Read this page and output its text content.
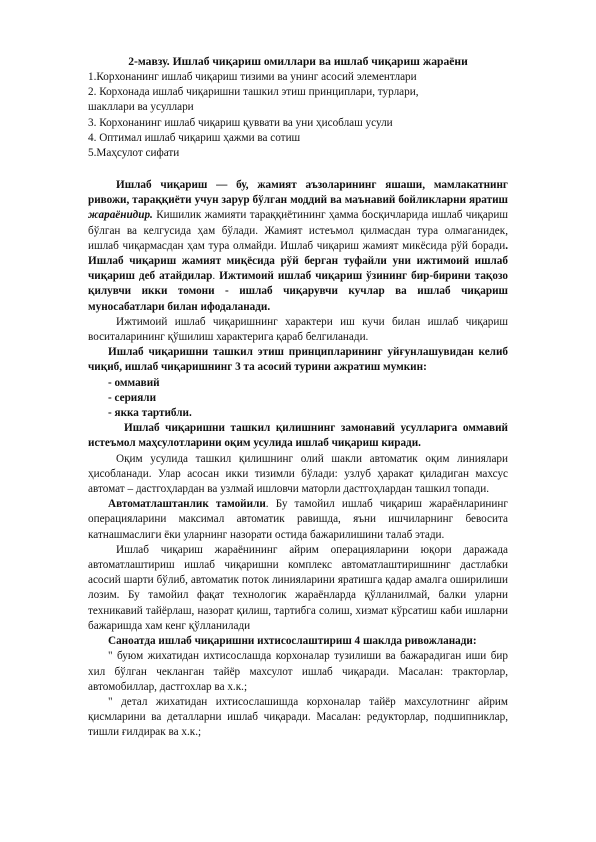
2-мавзу. Ишлаб чиқариш омиллари ва ишлаб чиқариш жараёни
1.Корхонанинг ишлаб чиқариш тизими ва унинг асосий элементлари
2. Корхонада ишлаб чиқаришни ташкил этиш принциплари, турлари,
шакллари ва усуллари
3. Корхонанинг ишлаб чиқариш қуввати ва уни ҳисоблаш усули
4. Оптимал ишлаб чиқариш ҳажми ва сотиш
5.Маҳсулот сифати

Ишлаб чиқариш — бу, жамият аъзоларининг яшаши, мамлакатнинг ривожи, тараққиёти учун зарур бўлган моддий ва маънавий бойликларни яратиш жараёнидир. Кишилик жамияти тараққиётининг ҳамма босқичларида ишлаб чиқариш бўлган ва келгусида ҳам бўлади. Жамият истеъмол қилмасдан тура олмаганидек, ишлаб чиқармасдан ҳам тура олмайди. Ишлаб чиқариш жамият микёсида рўй боради. Ишлаб чиқариш жамият миқёсида рўй берган туфайли уни ижтимоий ишлаб чиқариш деб атайдилар. Ижтимоий ишлаб чиқариш ўзининг бир-бирини тақозо қилувчи икки томони - ишлаб чиқарувчи кучлар ва ишлаб чиқариш муносабатлари билан ифодаланади.

Ижтимоий ишлаб чиқаришнинг характери иш кучи билан ишлаб чиқариш воситаларининг қўшилиш характерига қараб белгиланади.

Ишлаб чиқаришни ташкил этиш принципларининг уйғунлашувидан келиб чиқиб, ишлаб чиқаришнинг 3 та асосий турини ажратиш мумкин:

- оммавий
- серияли
- якка тартибли.

Ишлаб чиқаришни ташкил қилишнинг замонавий усулларига оммавий истеъмол маҳсулотларини оқим усулида ишлаб чиқариш киради.

Оқим усулида ташкил қилишнинг олий шакли автоматик оқим линиялари ҳисобланади. Улар асосан икки тизимли бўлади: узлуб ҳаракат қиладиган махсус автомат – дастгоҳлардан ва узлмай ишловчи маторли дастгоҳлардан ташкил топади.

Автоматлаштанлик тамойили. Бу тамойил ишлаб чиқариш жараёнларининг операцияларини максимал автоматик равишда, яъни ишчиларнинг бевосита катнашмаслиги ёки уларнинг назорати остида бажарилишини талаб этади.

Ишлаб чиқариш жараёнининг айрим операцияларини юқори даражада автоматлаштириш ишлаб чиқаришни комплекс автоматлаштиришнинг дастлабки асосий шарти бўлиб, автоматик поток линияларини яратишга қадар амалга оширилиши лозим. Бу тамойил фақат технологик жараёнларда қўлланилмай, балки уларни техникавий тайёрлаш, назорат қилиш, тартибга солиш, хизмат кўрсатиш каби ишларни бажаришда хам кенг қўлланилади

Саноатда ишлаб чиқаришни ихтисослаштириш 4 шаклда ривожланади:

" буюм жихатидан ихтисослашда корхоналар тузилиши ва бажарадиган иши бир хил бўлган чекланган тайёр махсулот ишлаб чиқаради. Масалан: тракторлар, автомобиллар, дастгохлар ва х.к.;

" детал жихатидан ихтисослашишда корхоналар тайёр махсулотнинг айрим қисмларини ва деталларни ишлаб чиқаради. Масалан: редукторлар, подшипниклар, тишли ғилдирак ва х.к.;
